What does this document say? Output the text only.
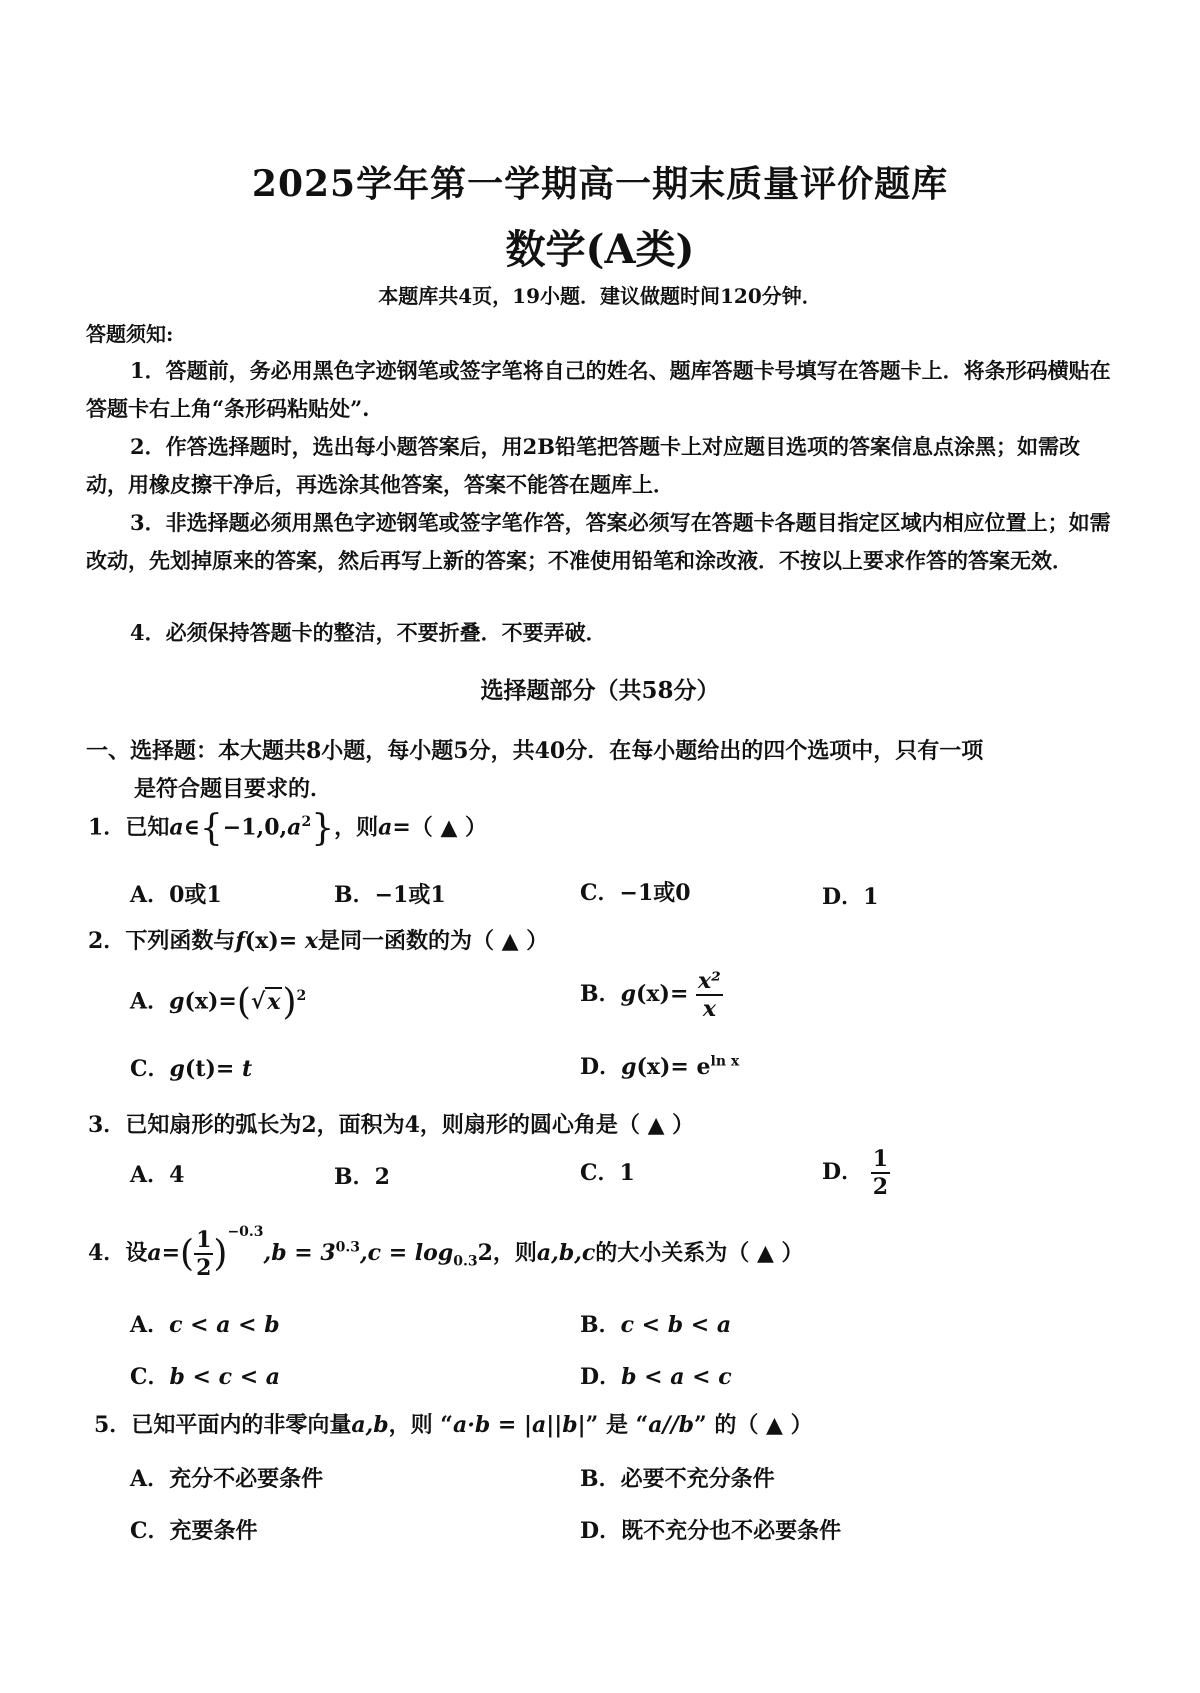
2025学年第一学期高一期末质量评价题库
数学(A类)
本题库共4页，19小题．建议做题时间120分钟．
答题须知:
1．答题前，务必用黑色字迹钢笔或签字笔将自己的姓名、题库答题卡号填写在答题卡上．将条形码横贴在答题卡右上角“条形码粘贴处”.
2．作答选择题时，选出每小题答案后，用2B铅笔把答题卡上对应题目选项的答案信息点涂黑；如需改动，用橡皮擦干净后，再选涂其他答案，答案不能答在题库上．
3．非选择题必须用黑色字迹钢笔或签字笔作答，答案必须写在答题卡各题目指定区域内相应位置上；如需改动，先划掉原来的答案，然后再写上新的答案；不准使用铅笔和涂改液．不按以上要求作答的答案无效．
4．必须保持答题卡的整洁，不要折叠．不要弄破．
选择题部分（共58分）
一、选择题：本大题共8小题，每小题5分，共40分．在每小题给出的四个选项中，只有一项
是符合题目要求的．
1．已知$a\in\{-1,0,a^2\}$，则a=（ ▲ ）
A．0或1	B．−1或1	C．−1或0	D．1
2．下列函数与f(x)= x是同一函数的为（ ▲ ）
A．$g(x)=(√x)^2$	B．$g(x)= \frac{\text{x²}}{x}$
C．g(t)= t	D．$g(x)= e^{ln x}$
3．已知扇形的弧长为2，面积为4，则扇形的圆心角是（ ▲ ）
A．4	B．2	C．1	D． $\frac{1}{2}$
4．设$a=( \frac{1}{2} )^{-0.3},b = 3^{0.3},c = \log_{0.3}2$，则a,b,c的大小关系为（ ▲ ）
A．c < a < b	B．c < b < a
C．b < c < a	D．b < a < c
5．已知平面内的非零向量a,b，则 “a·b = |a||b|” 是 “a//b” 的（ ▲ ）
A．充分不必要条件	B．必要不充分条件
C．充要条件	D．既不充分也不必要条件
